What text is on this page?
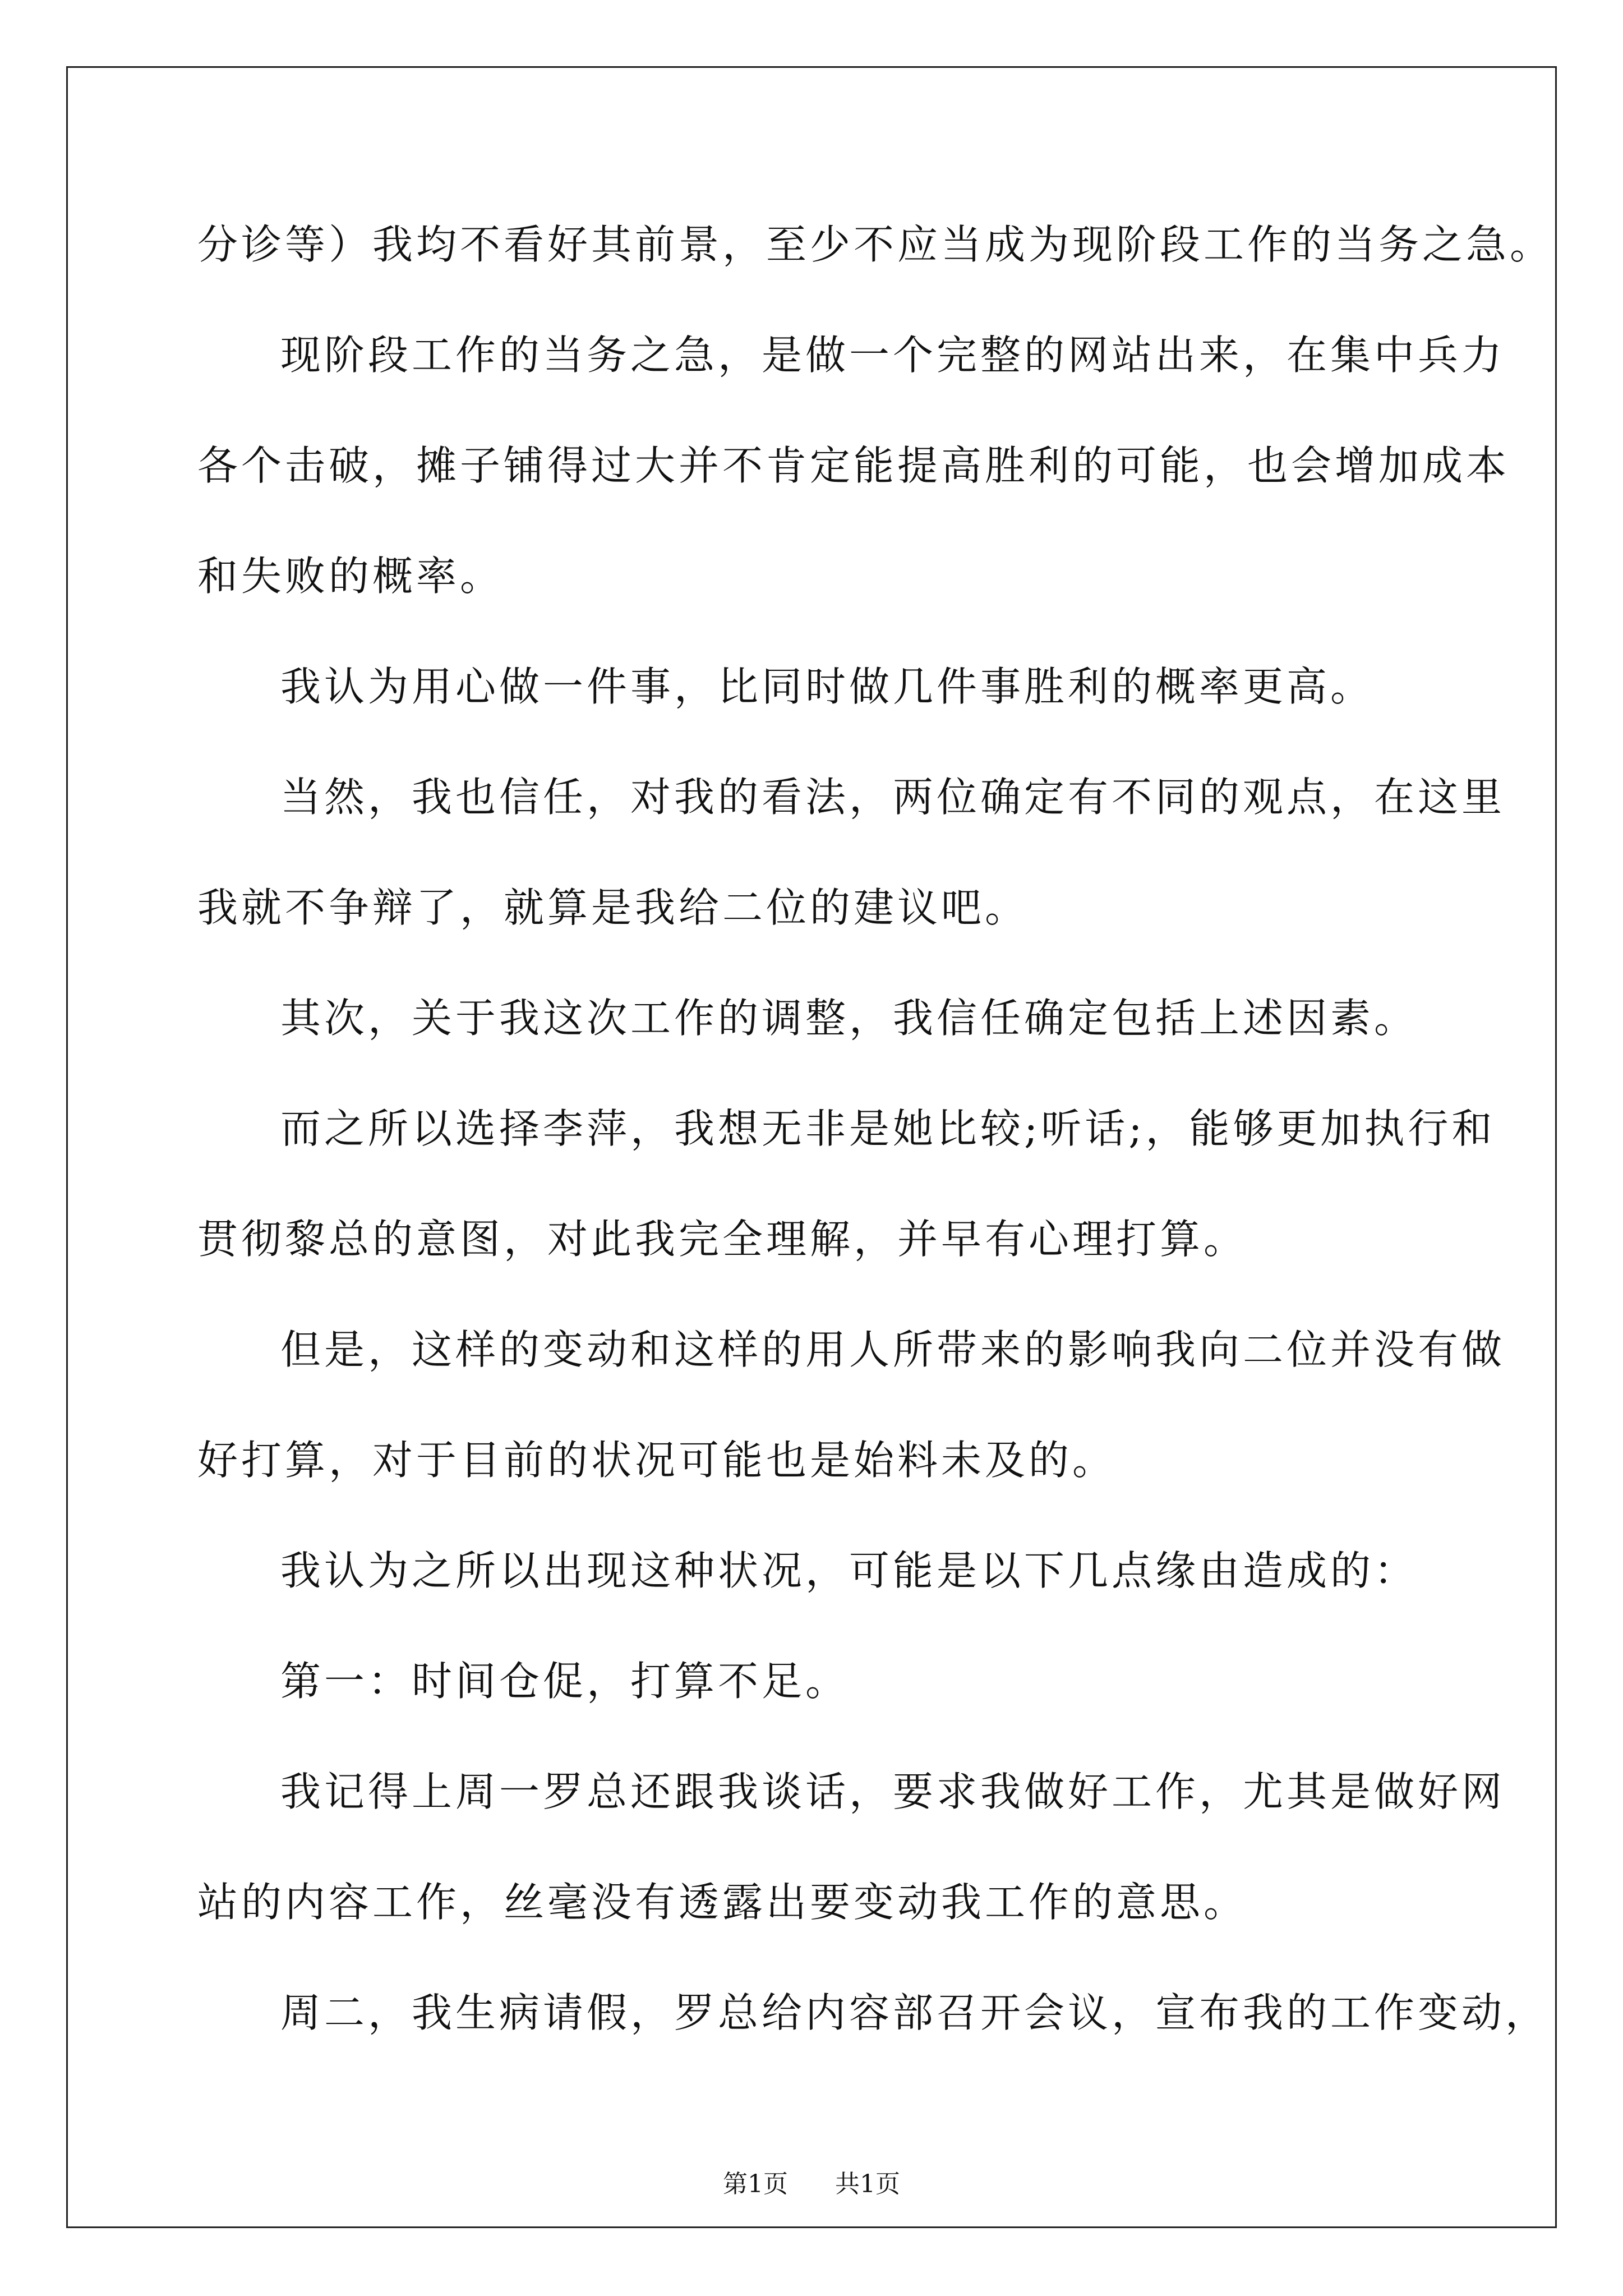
分诊等）我均不看好其前景，至少不应当成为现阶段工作的当务之急。
现阶段工作的当务之急，是做一个完整的网站出来，在集中兵力
各个击破，摊子铺得过大并不肯定能提高胜利的可能，也会增加成本
和失败的概率。
我认为用心做一件事，比同时做几件事胜利的概率更高。
当然，我也信任，对我的看法，两位确定有不同的观点，在这里
我就不争辩了，就算是我给二位的建议吧。
其次，关于我这次工作的调整，我信任确定包括上述因素。
而之所以选择李萍，我想无非是她比较;听话;，能够更加执行和
贯彻黎总的意图，对此我完全理解，并早有心理打算。
但是，这样的变动和这样的用人所带来的影响我向二位并没有做
好打算，对于目前的状况可能也是始料未及的。
我认为之所以出现这种状况，可能是以下几点缘由造成的：
第一：时间仓促，打算不足。
我记得上周一罗总还跟我谈话，要求我做好工作，尤其是做好网
站的内容工作，丝毫没有透露出要变动我工作的意思。
周二，我生病请假，罗总给内容部召开会议，宣布我的工作变动，
第1页 共1页
